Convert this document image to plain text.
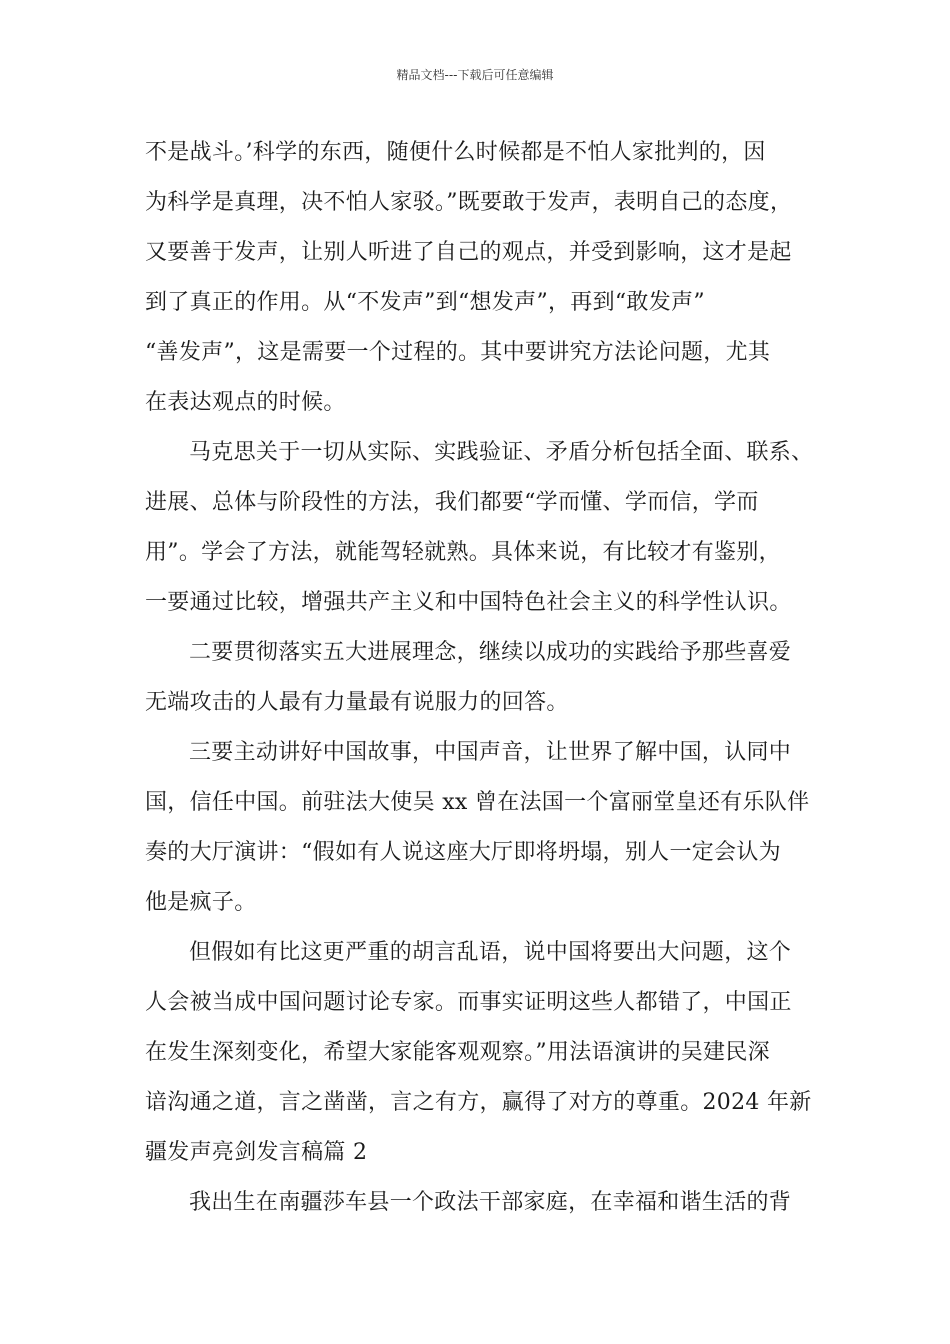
精品文档---下载后可任意编辑
不是战斗。’科学的东西，随便什么时候都是不怕人家批判的，因
为科学是真理，决不怕人家驳。”既要敢于发声，表明自己的态度，
又要善于发声，让别人听进了自己的观点，并受到影响，这才是起
到了真正的作用。从“不发声”到“想发声”，再到“敢发声”
“善发声”，这是需要一个过程的。其中要讲究方法论问题，尤其
在表达观点的时候。
马克思关于一切从实际、实践验证、矛盾分析包括全面、联系、
进展、总体与阶段性的方法，我们都要“学而懂、学而信，学而
用”。学会了方法，就能驾轻就熟。具体来说，有比较才有鉴别，
一要通过比较，增强共产主义和中国特色社会主义的科学性认识。
二要贯彻落实五大进展理念，继续以成功的实践给予那些喜爱
无端攻击的人最有力量最有说服力的回答。
三要主动讲好中国故事，中国声音，让世界了解中国，认同中
国，信任中国。前驻法大使吴 xx 曾在法国一个富丽堂皇还有乐队伴
奏的大厅演讲：“假如有人说这座大厅即将坍塌，别人一定会认为
他是疯子。
但假如有比这更严重的胡言乱语，说中国将要出大问题，这个
人会被当成中国问题讨论专家。而事实证明这些人都错了，中国正
在发生深刻变化，希望大家能客观观察。”用法语演讲的吴建民深
谙沟通之道，言之凿凿，言之有方，赢得了对方的尊重。2024 年新
疆发声亮剑发言稿篇 2
我出生在南疆莎车县一个政法干部家庭，在幸福和谐生活的背
